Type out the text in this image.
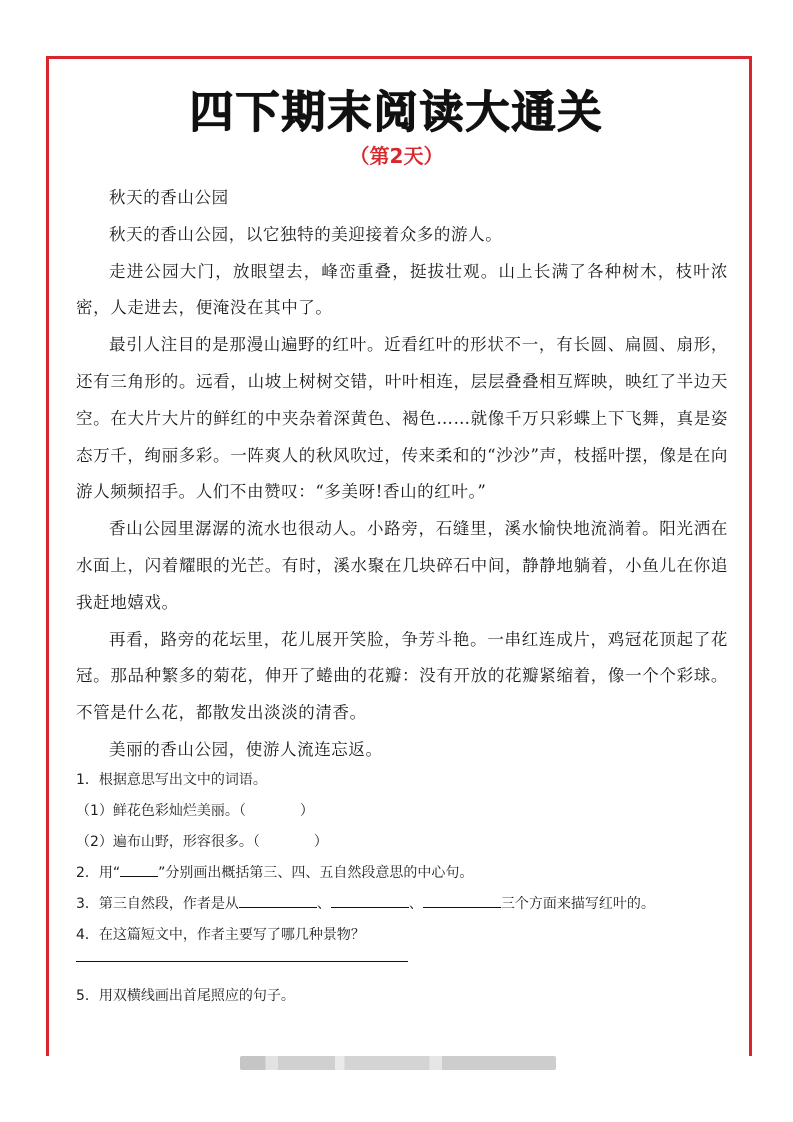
四下期末阅读大通关
（第2天）

秋天的香山公园

秋天的香山公园，以它独特的美迎接着众多的游人。

走进公园大门，放眼望去，峰峦重叠，挺拔壮观。山上长满了各种树木，枝叶浓密，人走进去，便淹没在其中了。

最引人注目的是那漫山遍野的红叶。近看红叶的形状不一，有长圆、扁圆、扇形，还有三角形的。远看，山坡上树树交错，叶叶相连，层层叠叠相互辉映，映红了半边天空。在大片大片的鲜红的中夹杂着深黄色、褐色……就像千万只彩蝶上下飞舞，真是姿态万千，绚丽多彩。一阵爽人的秋风吹过，传来柔和的“沙沙”声，枝摇叶摆，像是在向游人频频招手。人们不由赞叹：“多美呀!香山的红叶。”

香山公园里潺潺的流水也很动人。小路旁，石缝里，溪水愉快地流淌着。阳光洒在水面上，闪着耀眼的光芒。有时，溪水聚在几块碎石中间，静静地躺着，小鱼儿在你追我赶地嬉戏。

再看，路旁的花坛里，花儿展开笑脸，争芳斗艳。一串红连成片，鸡冠花顶起了花冠。那品种繁多的菊花，伸开了蜷曲的花瓣：没有开放的花瓣紧缩着，像一个个彩球。不管是什么花，都散发出淡淡的清香。

美丽的香山公园，使游人流连忘返。

1．根据意思写出文中的词语。
（1）鲜花色彩灿烂美丽。（	）
（2）遍布山野，形容很多。（	）
2．用“	”分别画出概括第三、四、五自然段意思的中心句。
3．第三自然段，作者是从	、	、	三个方面来描写红叶的。
4．在这篇短文中，作者主要写了哪几种景物？
5．用双横线画出首尾照应的句子。
